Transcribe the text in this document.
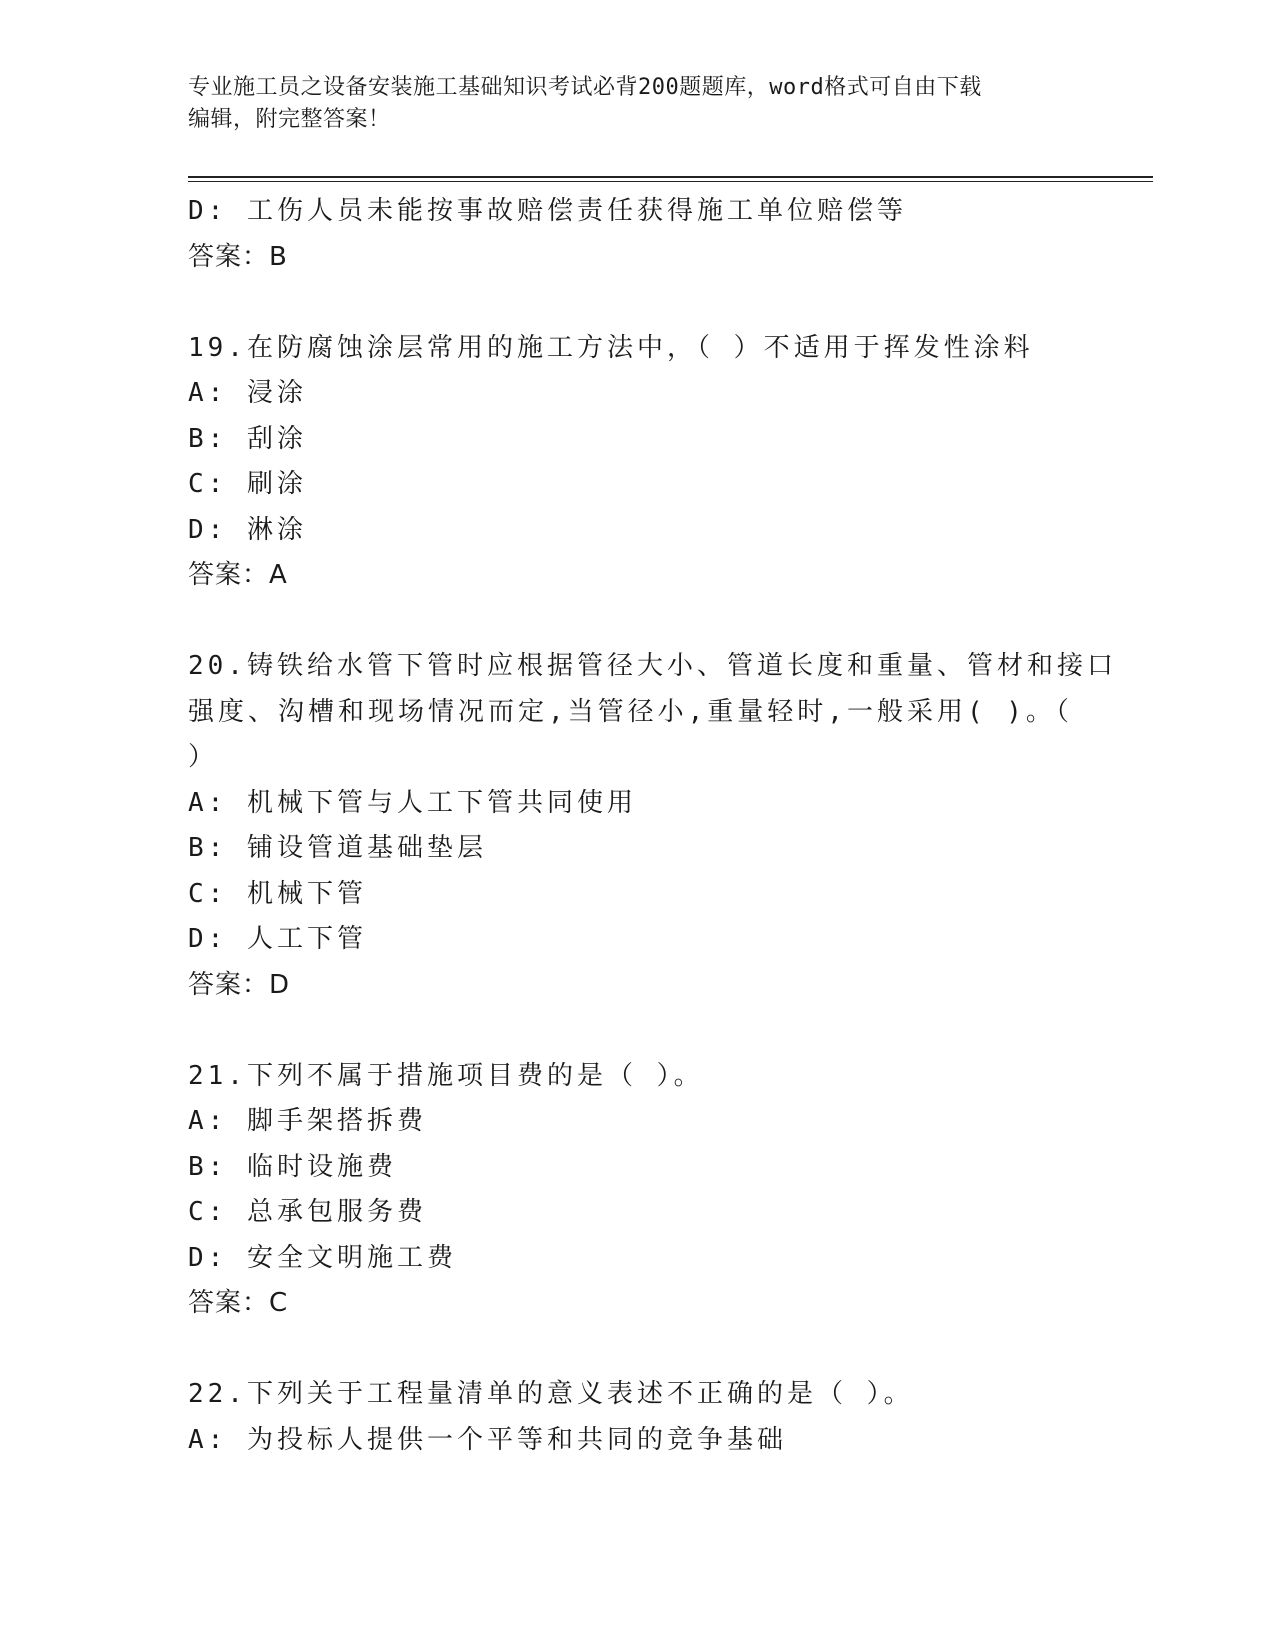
专业施工员之设备安装施工基础知识考试必背200题题库，word格式可自由下载
编辑，附完整答案！
D: 工伤人员未能按事故赔偿责任获得施工单位赔偿等
答案：B
19.在防腐蚀涂层常用的施工方法中，（ ）不适用于挥发性涂料
A: 浸涂
B: 刮涂
C: 刷涂
D: 淋涂
答案：A
20.铸铁给水管下管时应根据管径大小、管道长度和重量、管材和接口
强度、沟槽和现场情况而定,当管径小,重量轻时,一般采用( )。（
）
A: 机械下管与人工下管共同使用
B: 铺设管道基础垫层
C: 机械下管
D: 人工下管
答案：D
21.下列不属于措施项目费的是（ ）。
A: 脚手架搭拆费
B: 临时设施费
C: 总承包服务费
D: 安全文明施工费
答案：C
22.下列关于工程量清单的意义表述不正确的是（ ）。
A: 为投标人提供一个平等和共同的竞争基础
